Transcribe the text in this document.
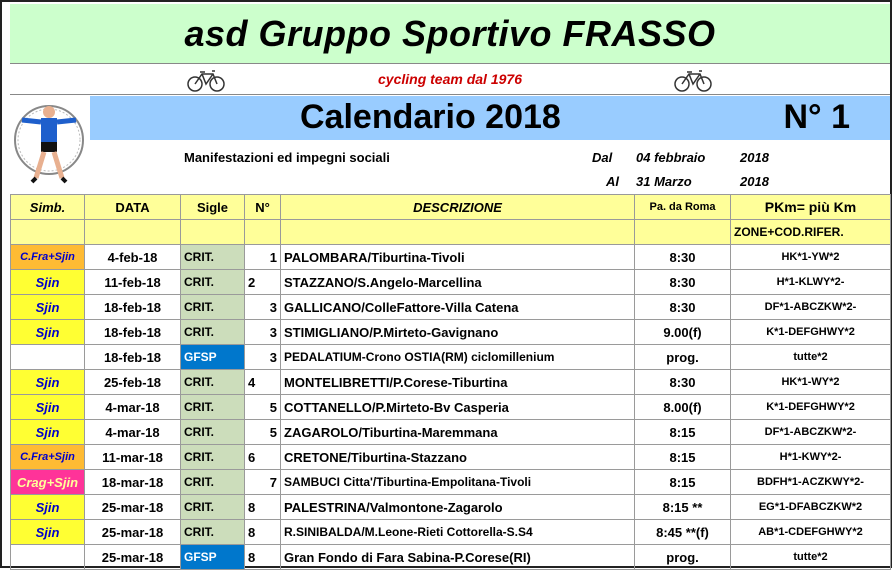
asd Gruppo Sportivo FRASSO
cycling team dal 1976
Calendario 2018	N° 1
Manifestazioni ed impegni sociali	Dal 04 febbraio	2018
Al 31 Marzo	2018
Simb.	DATA	Sigle	N°	DESCRIZIONE	Pa. da Roma	PKm= più Km
						ZONE+COD.RIFER.
C.Fra+Sjin	4-feb-18	CRIT.	1	PALOMBARA/Tiburtina-Tivoli	8:30	HK*1-YW*2
Sjin	11-feb-18	CRIT.	2	STAZZANO/S.Angelo-Marcellina	8:30	H*1-KLWY*2-
Sjin	18-feb-18	CRIT.	3	GALLICANO/ColleFattore-Villa Catena	8:30	DF*1-ABCZKW*2-
Sjin	18-feb-18	CRIT.	3	STIMIGLIANO/P.Mirteto-Gavignano	9.00(f)	K*1-DEFGHWY*2
	18-feb-18	GFSP	3	PEDALATIUM-Crono OSTIA(RM) ciclomillenium	prog.	tutte*2
Sjin	25-feb-18	CRIT.	4	MONTELIBRETTI/P.Corese-Tiburtina	8:30	HK*1-WY*2
Sjin	4-mar-18	CRIT.	5	COTTANELLO/P.Mirteto-Bv Casperia	8.00(f)	K*1-DEFGHWY*2
Sjin	4-mar-18	CRIT.	5	ZAGAROLO/Tiburtina-Maremmana	8:15	DF*1-ABCZKW*2-
C.Fra+Sjin	11-mar-18	CRIT.	6	CRETONE/Tiburtina-Stazzano	8:15	H*1-KWY*2-
Crag+Sjin	18-mar-18	CRIT.	7	SAMBUCI Citta'/Tiburtina-Empolitana-Tivoli	8:15	BDFH*1-ACZKWY*2-
Sjin	25-mar-18	CRIT.	8	PALESTRINA/Valmontone-Zagarolo	8:15 **	EG*1-DFABCZKW*2
Sjin	25-mar-18	CRIT.	8	R.SINIBALDA/M.Leone-Rieti Cottorella-S.S4	8:45 **(f)	AB*1-CDEFGHWY*2
	25-mar-18	GFSP	8	Gran Fondo di Fara Sabina-P.Corese(RI)	prog.	tutte*2
